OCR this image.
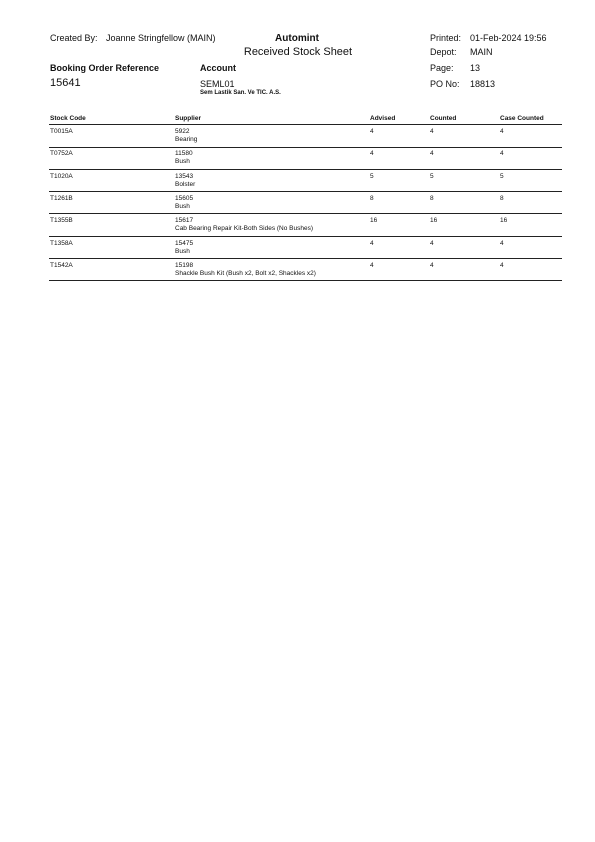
Created By: Joanne Stringfellow (MAIN)	Automint
Received Stock Sheet
Printed: 01-Feb-2024 19:56
Depot: MAIN
Page: 13
PO No: 18813
Booking Order Reference
15641
Account
SEML01
Sem Lastik San. Ve TIC. A.S.
Stock Code	Supplier	Advised	Counted	Case Counted
T0015A	5922	4	4	4
Bearing
T0752A	11580	4	4	4
Bush
T1020A	13543	5	5	5
Bolster
T1261B	15605	8	8	8
Bush
T1355B	15617	16	16	16
Cab Bearing Repair Kit-Both Sides (No Bushes)
T1358A	15475	4	4	4
Bush
T1542A	15198	4	4	4
Shackle Bush Kit (Bush x2, Bolt x2, Shackles x2)
